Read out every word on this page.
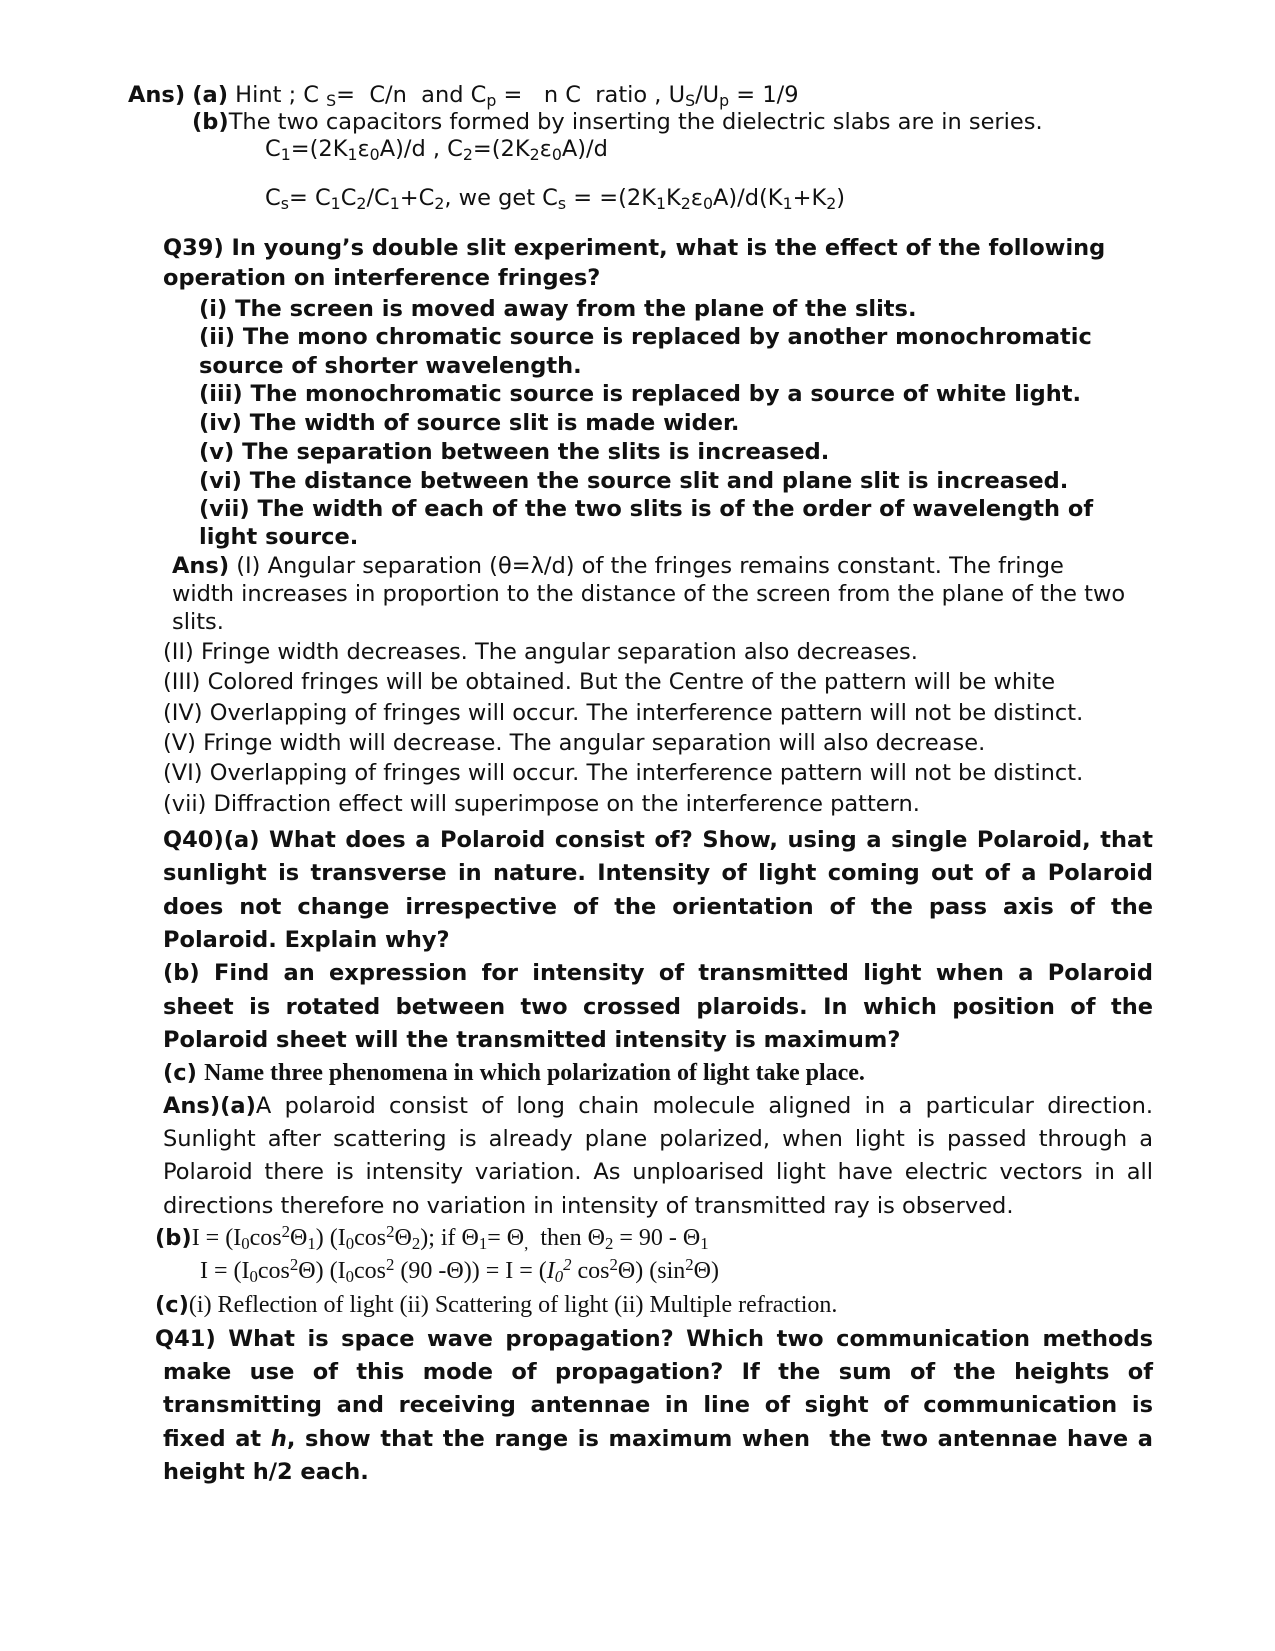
Ans) (a) Hint ; C $_S$=  C/n  and $C_p = n$ C  ratio , $U_S/U_p = 1/9$
(b)The two capacitors formed by inserting the dielectric slabs are in series.
$C_1=(2K_1\varepsilon_0A)/d$ , $C_2=(2K_2\varepsilon_0A)/d$
$C_s= C_1C_2/C_1+C_2$, we get $C_s = =(2K_1K_2\varepsilon_0A)/d(K_1+K_2)$
Q39) In young’s double slit experiment, what is the effect of the following
operation on interference fringes?
(i) The screen is moved away from the plane of the slits.
(ii) The mono chromatic source is replaced by another monochromatic
source of shorter wavelength.
(iii) The monochromatic source is replaced by a source of white light.
(iv) The width of source slit is made wider.
(v) The separation between the slits is increased.
(vi) The distance between the source slit and plane slit is increased.
(vii) The width of each of the two slits is of the order of wavelength of
light source.
Ans) (I) Angular separation (θ=λ/d) of the fringes remains constant. The fringe
width increases in proportion to the distance of the screen from the plane of the two
slits.
(II) Fringe width decreases. The angular separation also decreases.
(III) Colored fringes will be obtained. But the Centre of the pattern will be white
(IV) Overlapping of fringes will occur. The interference pattern will not be distinct.
(V) Fringe width will decrease. The angular separation will also decrease.
(VI) Overlapping of fringes will occur. The interference pattern will not be distinct.
(vii) Diffraction effect will superimpose on the interference pattern.
Q40)(a) What does a Polaroid consist of? Show, using a single Polaroid, that
sunlight is transverse in nature. Intensity of light coming out of a Polaroid
does not change irrespective of the orientation of the pass axis of the
Polaroid. Explain why?
(b) Find an expression for intensity of transmitted light when a Polaroid
sheet is rotated between two crossed plaroids. In which position of the
Polaroid sheet will the transmitted intensity is maximum?
(c) Name three phenomena in which polarization of light take place.
Ans)(a)A polaroid consist of long chain molecule aligned in a particular direction.
Sunlight after scattering is already plane polarized, when light is passed through a
Polaroid there is intensity variation. As unploarised light have electric vectors in all
directions therefore no variation in intensity of transmitted ray is observed.
$(b)I = (I_0\cos^2\Theta_1)$ $(I_0\cos^2\Theta_2)$; if $\Theta_1= \Theta_,$  then $\Theta_2 = 90 - \Theta_1$
$I = (I_0\cos^2\Theta)$ ($I_0\cos^2$ (90 $-\Theta)) = I = (I_0^2$ $\cos^2\Theta$) $(\sin^2\Theta)$
(c)(i) Reflection of light (ii) Scattering of light (ii) Multiple refraction.
Q41) What is space wave propagation? Which two communication methods
make use of this mode of propagation? If the sum of the heights of
transmitting and receiving antennae in line of sight of communication is
fixed at h, show that the range is maximum when  the two antennae have a
height h/2 each.
